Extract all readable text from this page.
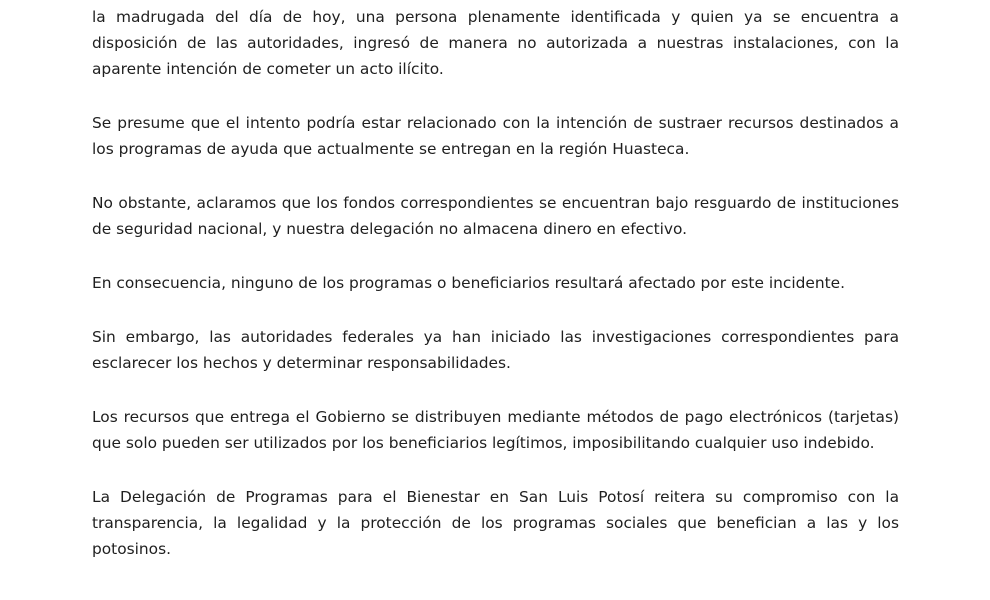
la madrugada del día de hoy, una persona plenamente identificada y quien ya se encuentra a disposición de las autoridades, ingresó de manera no autorizada a nuestras instalaciones, con la aparente intención de cometer un acto ilícito.

Se presume que el intento podría estar relacionado con la intención de sustraer recursos destinados a los programas de ayuda que actualmente se entregan en la región Huasteca.

No obstante, aclaramos que los fondos correspondientes se encuentran bajo resguardo de instituciones de seguridad nacional, y nuestra delegación no almacena dinero en efectivo.

En consecuencia, ninguno de los programas o beneficiarios resultará afectado por este incidente.

Sin embargo, las autoridades federales ya han iniciado las investigaciones correspondientes para esclarecer los hechos y determinar responsabilidades.

Los recursos que entrega el Gobierno se distribuyen mediante métodos de pago electrónicos (tarjetas) que solo pueden ser utilizados por los beneficiarios legítimos, imposibilitando cualquier uso indebido.

La Delegación de Programas para el Bienestar en San Luis Potosí reitera su compromiso con la transparencia, la legalidad y la protección de los programas sociales que benefician a las y los potosinos.
